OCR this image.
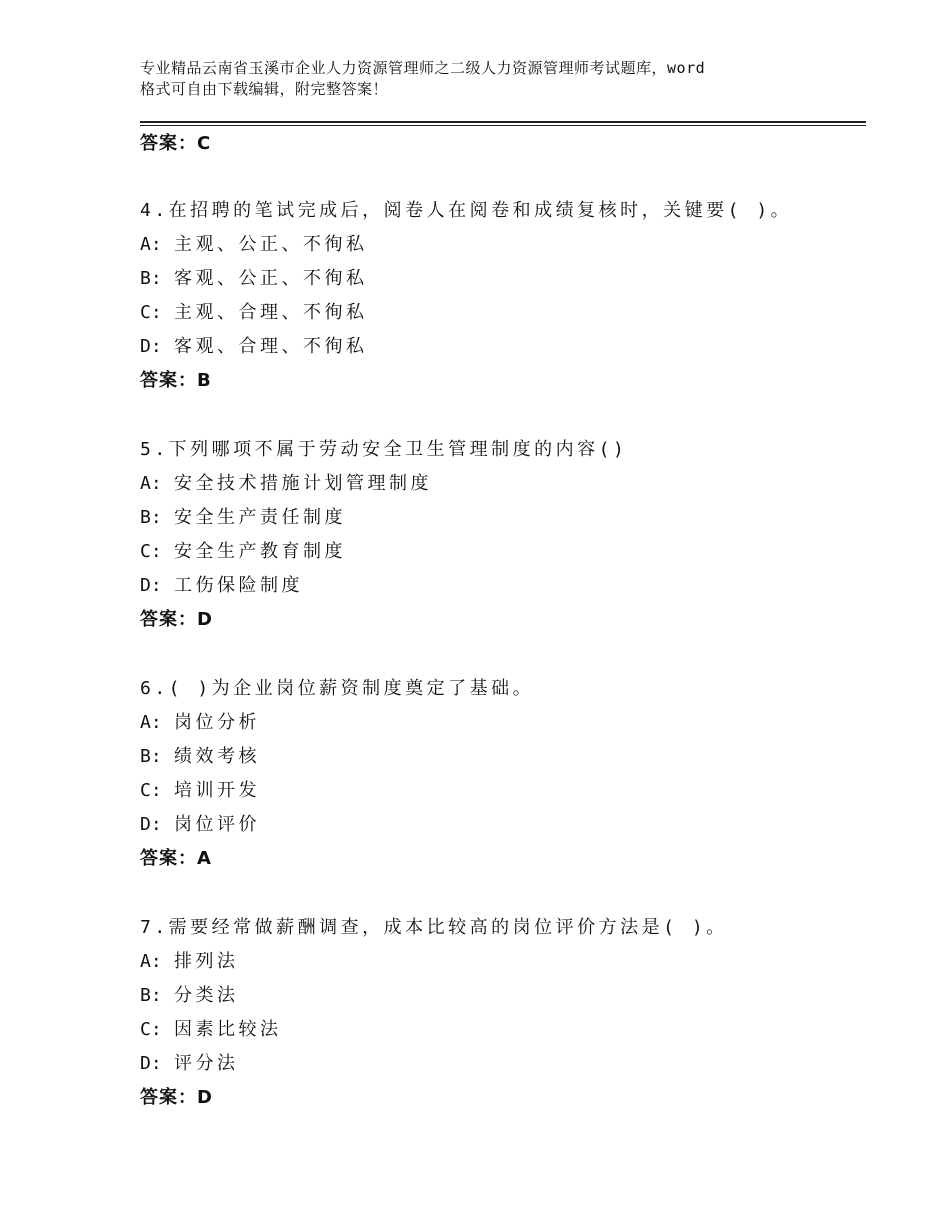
专业精品云南省玉溪市企业人力资源管理师之二级人力资源管理师考试题库，word
格式可自由下载编辑，附完整答案！
答案：C
4.在招聘的笔试完成后，阅卷人在阅卷和成绩复核时，关键要( )。
A: 主观、公正、不徇私
B: 客观、公正、不徇私
C: 主观、合理、不徇私
D: 客观、合理、不徇私
答案：B
5.下列哪项不属于劳动安全卫生管理制度的内容()
A: 安全技术措施计划管理制度
B: 安全生产责任制度
C: 安全生产教育制度
D: 工伤保险制度
答案：D
6.( )为企业岗位薪资制度奠定了基础。
A: 岗位分析
B: 绩效考核
C: 培训开发
D: 岗位评价
答案：A
7.需要经常做薪酬调查，成本比较高的岗位评价方法是( )。
A: 排列法
B: 分类法
C: 因素比较法
D: 评分法
答案：D
